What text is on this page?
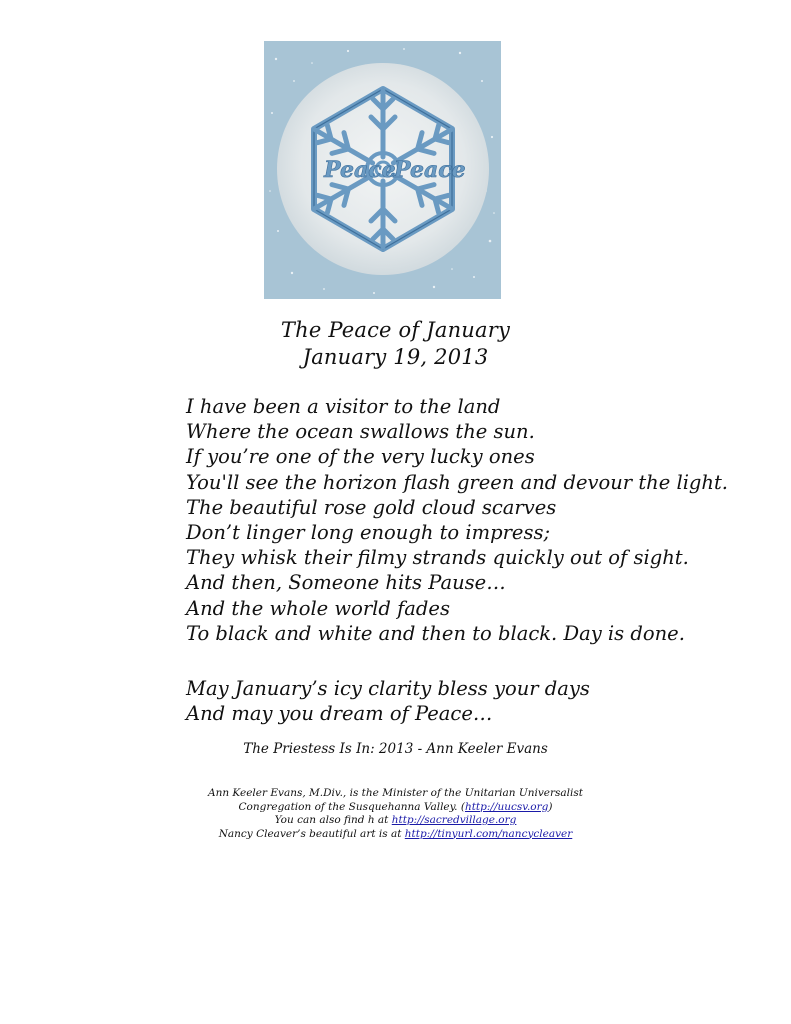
Peace
Peace
The Peace of January
January 19, 2013
I have been a visitor to the land
Where the ocean swallows the sun.
If you’re one of the very lucky ones
You'll see the horizon flash green and devour the light.
The beautiful rose gold cloud scarves
Don’t linger long enough to impress;
They whisk their filmy strands quickly out of sight.
And then, Someone hits Pause…
And the whole world fades
To black and white and then to black. Day is done.
May January’s icy clarity bless your days
And may you dream of Peace…
The Priestess Is In: 2013 - Ann Keeler Evans
Ann Keeler Evans, M.Div., is the Minister of the Unitarian Universalist
Congregation of the Susquehanna Valley. (http://uucsv.org)
You can also find h at http://sacredvillage.org
Nancy Cleaver’s beautiful art is at http://tinyurl.com/nancycleaver
